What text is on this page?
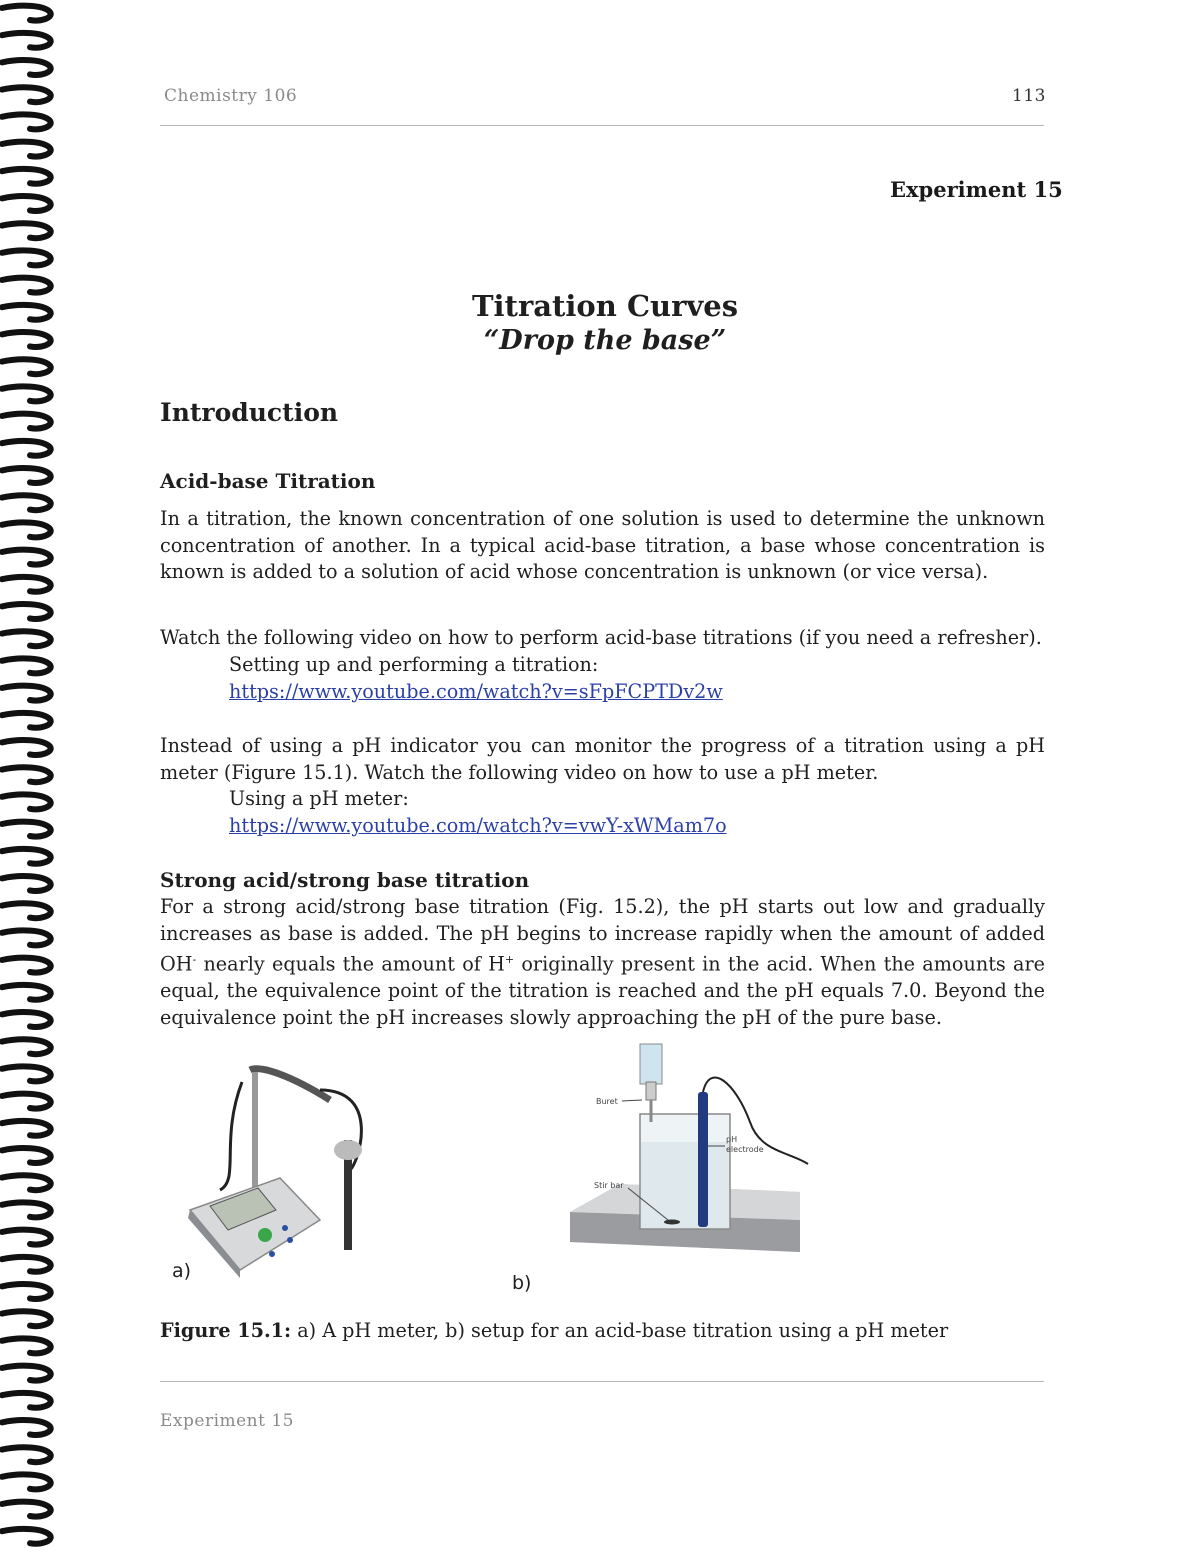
Chemistry 106	113
Experiment 15
Titration Curves
“Drop the base”
Introduction
Acid-base Titration
In a titration, the known concentration of one solution is used to determine the unknown concentration of another. In a typical acid-base titration, a base whose concentration is known is added to a solution of acid whose concentration is unknown (or vice versa).
Watch the following video on how to perform acid-base titrations (if you need a refresher).
Setting up and performing a titration:
https://www.youtube.com/watch?v=sFpFCPTDv2w
Instead of using a pH indicator you can monitor the progress of a titration using a pH meter (Figure 15.1). Watch the following video on how to use a pH meter.
Using a pH meter:
https://www.youtube.com/watch?v=vwY-xWMam7o
Strong acid/strong base titration
For a strong acid/strong base titration (Fig. 15.2), the pH starts out low and gradually increases as base is added. The pH begins to increase rapidly when the amount of added OH- nearly equals the amount of H+ originally present in the acid. When the amounts are equal, the equivalence point of the titration is reached and the pH equals 7.0. Beyond the equivalence point the pH increases slowly approaching the pH of the pure base.
a)
Buret
Stir bar
pH
electrode
b)
Figure 15.1: a) A pH meter, b) setup for an acid-base titration using a pH meter
Experiment 15
